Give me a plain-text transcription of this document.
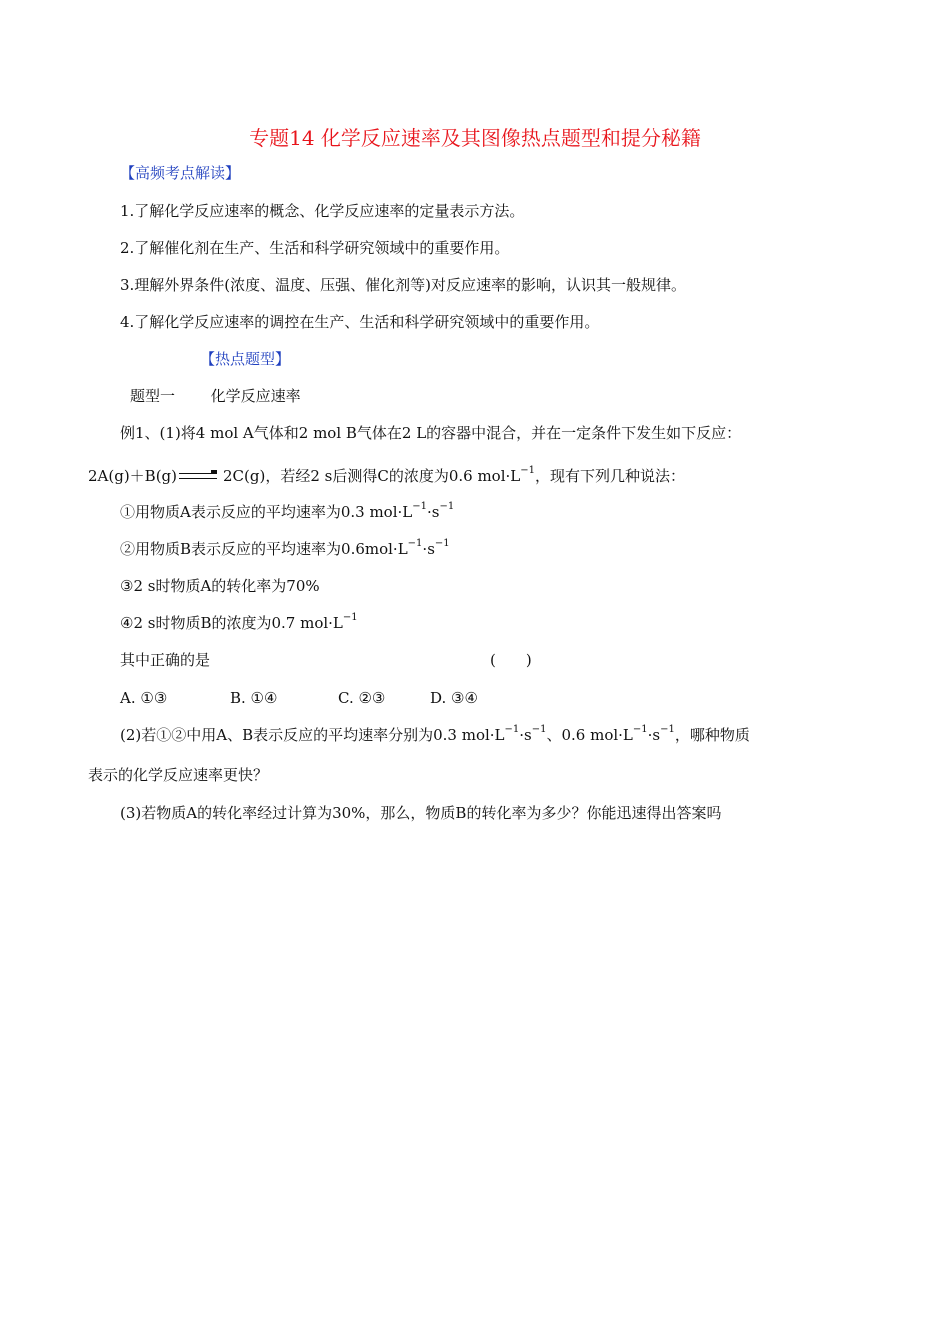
专题14 化学反应速率及其图像热点题型和提分秘籍
【高频考点解读】
1.了解化学反应速率的概念、化学反应速率的定量表示方法。
2.了解催化剂在生产、生活和科学研究领域中的重要作用。
3.理解外界条件(浓度、温度、压强、催化剂等)对反应速率的影响，认识其一般规律。
4.了解化学反应速率的调控在生产、生活和科学研究领域中的重要作用。
【热点题型】
题型一 化学反应速率
例1、(1)将4 mol A气体和2 mol B气体在2 L的容器中混合，并在一定条件下发生如下反应：
2A(g)＋B(g)	2C(g)，若经2 s后测得C的浓度为0.6 $mol\cdot L^{-1}$，现有下列几种说法：
①用物质A表示反应的平均速率为0.3 $mol\cdot L^{-1}\cdot s^{-1}$
②用物质B表示反应的平均速率为$0.6mol\cdot L^{-1}\cdot s^{-1}$
③2 s时物质A的转化率为70%
④2 s时物质B的浓度为0.7 $mol\cdot L^{-1}$
其中正确的是	(　　)
A. ①③	B. ①④	C. ②③	D. ③④
(2)若①②中用A、B表示反应的平均速率分别为0.3 $mol\cdot L^{-1}\cdot s^{-1}$、0.6 $mol\cdot L^{-1}\cdot s^{-1}$，哪种物质
表示的化学反应速率更快？
(3)若物质A的转化率经过计算为30%，那么，物质B的转化率为多少？你能迅速得出答案吗
